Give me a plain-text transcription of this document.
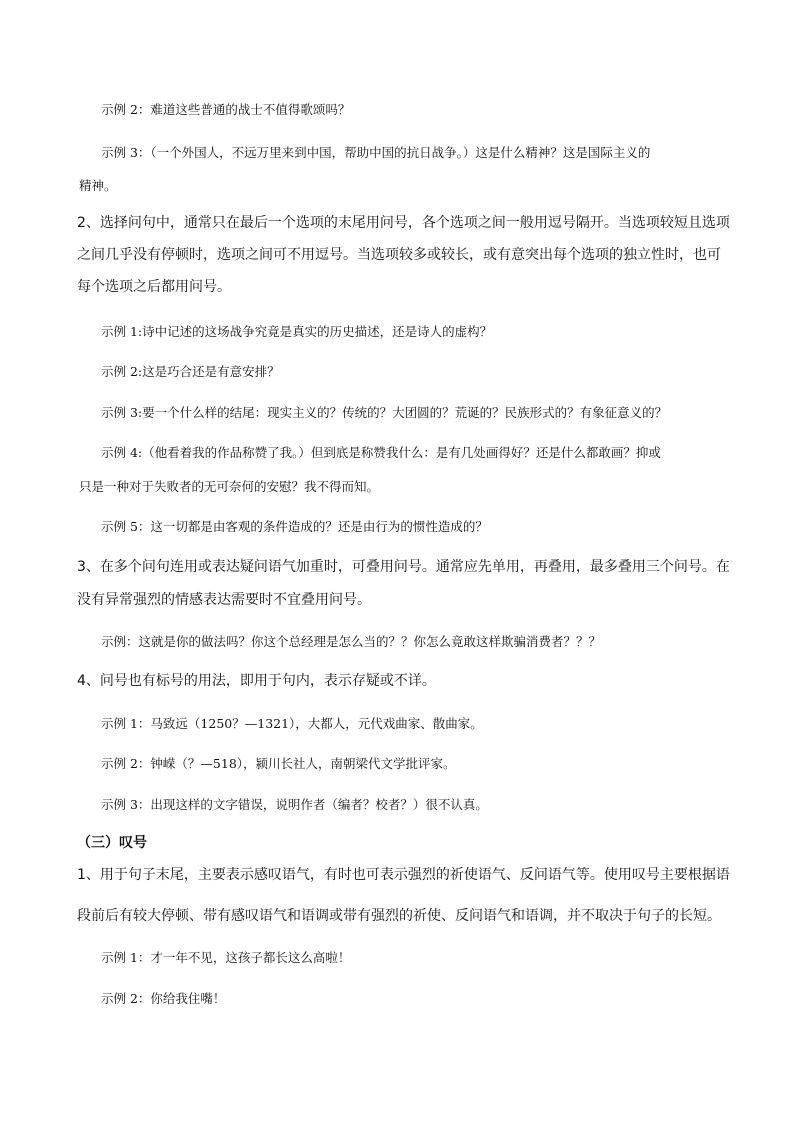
示例 2：难道这些普通的战士不值得歌颂吗？

示例 3：（一个外国人，不远万里来到中国，帮助中国的抗日战争。）这是什么精神？这是国际主义的

精神。

2、选择问句中，通常只在最后一个选项的末尾用问号，各个选项之间一般用逗号隔开。当选项较短且选项

之间几乎没有停顿时，选项之间可不用逗号。当选项较多或较长，或有意突出每个选项的独立性时，也可

每个选项之后都用问号。

示例 1:诗中记述的这场战争究竟是真实的历史描述，还是诗人的虚构？

示例 2:这是巧合还是有意安排？

示例 3:要一个什么样的结尾：现实主义的？传统的？大团圆的？荒诞的？民族形式的？有象征意义的？

示例 4:（他看着我的作品称赞了我。）但到底是称赞我什么：是有几处画得好？还是什么都敢画？抑或

只是一种对于失败者的无可奈何的安慰？我不得而知。

示例 5：这一切都是由客观的条件造成的？还是由行为的惯性造成的？

3、在多个问句连用或表达疑问语气加重时，可叠用问号。通常应先单用，再叠用，最多叠用三个问号。在

没有异常强烈的情感表达需要时不宜叠用问号。

示例：这就是你的做法吗？你这个总经理是怎么当的？？你怎么竟敢这样欺骗消费者？？？

4、问号也有标号的用法，即用于句内，表示存疑或不详。

示例 1：马致远（1250？—1321），大都人，元代戏曲家、散曲家。

示例 2：钟嵘（？—518），颍川长社人，南朝梁代文学批评家。

示例 3：出现这样的文字错误，说明作者（编者？校者？）很不认真。

（三）叹号

1、用于句子末尾，主要表示感叹语气，有时也可表示强烈的祈使语气、反问语气等。使用叹号主要根据语

段前后有较大停顿、带有感叹语气和语调或带有强烈的祈使、反问语气和语调，并不取决于句子的长短。

示例 1：才一年不见，这孩子都长这么高啦！

示例 2：你给我住嘴！
